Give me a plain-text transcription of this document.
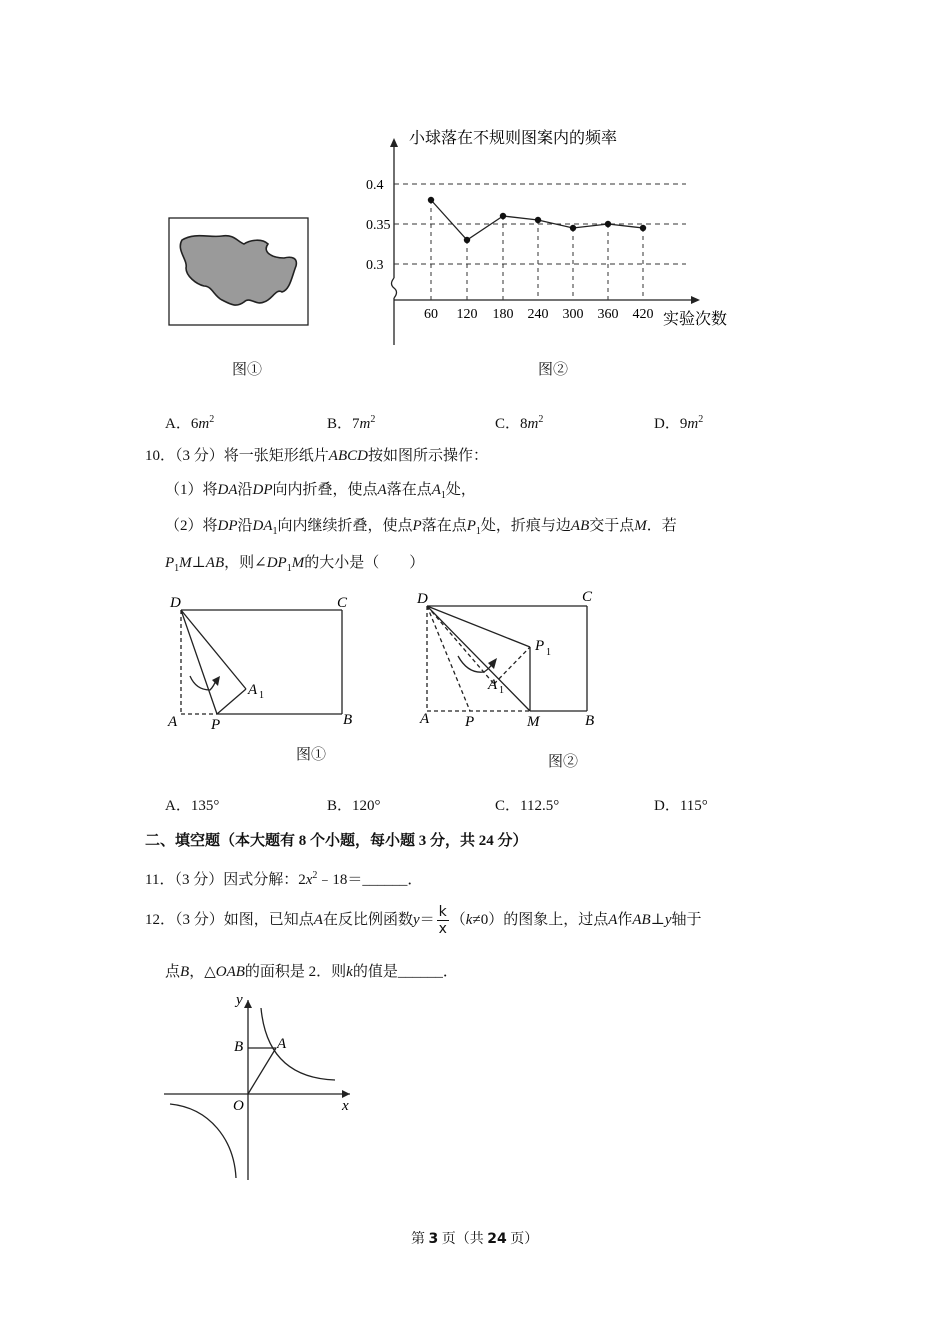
图①
0.4
0.35
0.3
60 120 180 240 300 360 420
小球落在不规则图案内的频率
实验次数
图②
A．$6m^2$	B．$7m^2$	C．$8m^2$	D．$9m^2$
10．（3 分）将一张矩形纸片ABCD按如图所示操作：
（1）将DA沿DP向内折叠，使点A落在点$A_1$处，
（2）将DP沿$DA_1$向内继续折叠，使点P落在点$P_1$处，折痕与边AB交于点M．若
$P_1M\perp AB$，则$\angle DP_1M$的大小是（　　）
D	C
A P	B
A 1
图①
D	C
A P	M	B
P 1
A 1
图②
A．135°	B．120°	C．112.5°	D．115°
二、填空题（本大题有 8 个小题，每小题 3 分，共 24 分）
11．（3 分）因式分解：$2x^2﹣18=\_\_\_\_\_\_$．
12．（3 分）如图，已知点A在反比例函数$y= \frac{k}{x} (k\ne 0)$的图象上，过点A作AB⊥y轴于
点B，△OAB的面积是 2．则k的值是______．
y
x
O
B A
第 3 页（共 24 页）
